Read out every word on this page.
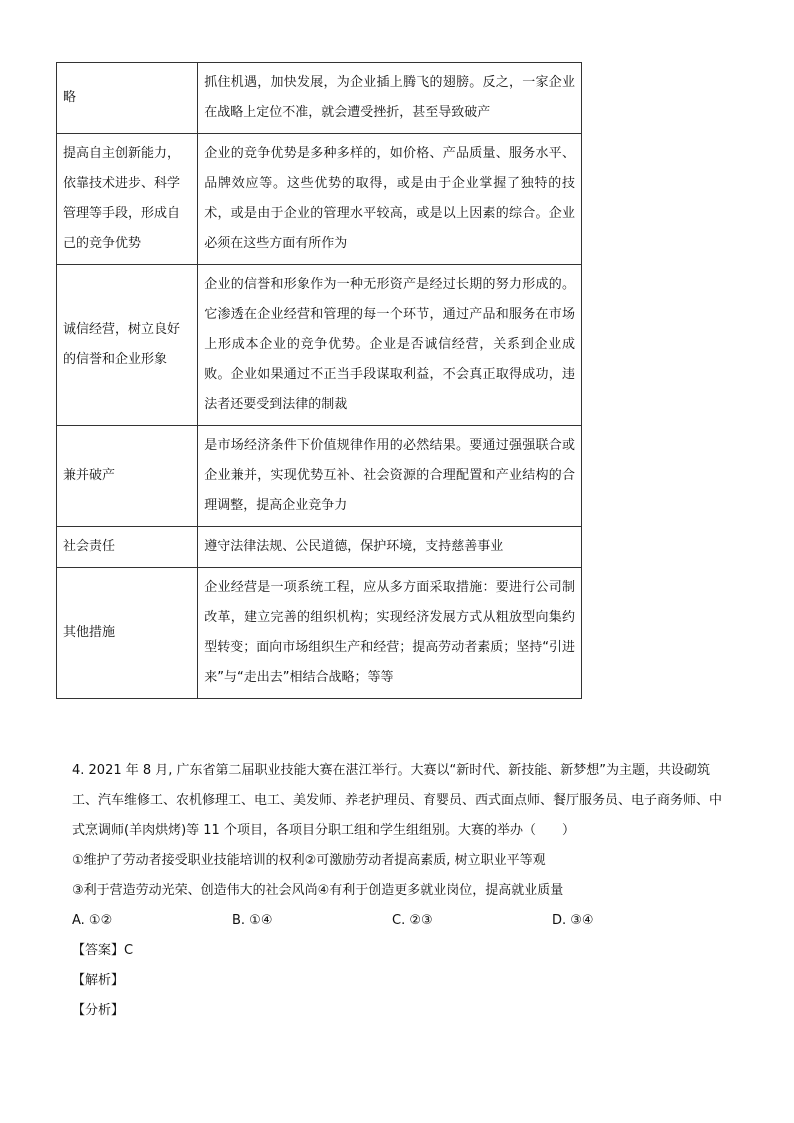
略	抓住机遇，加快发展，为企业插上腾飞的翅膀。反之，一家企业在战略上定位不准，就会遭受挫折，甚至导致破产
提高自主创新能力，依靠技术进步、科学管理等手段，形成自己的竞争优势	企业的竞争优势是多种多样的，如价格、产品质量、服务水平、品牌效应等。这些优势的取得，或是由于企业掌握了独特的技术，或是由于企业的管理水平较高，或是以上因素的综合。企业必须在这些方面有所作为
诚信经营，树立良好的信誉和企业形象	企业的信誉和形象作为一种无形资产是经过长期的努力形成的。它渗透在企业经营和管理的每一个环节，通过产品和服务在市场上形成本企业的竞争优势。企业是否诚信经营，关系到企业成败。企业如果通过不正当手段谋取利益，不会真正取得成功，违法者还要受到法律的制裁
兼并破产	是市场经济条件下价值规律作用的必然结果。要通过强强联合或企业兼并，实现优势互补、社会资源的合理配置和产业结构的合理调整，提高企业竞争力
社会责任	遵守法律法规、公民道德，保护环境，支持慈善事业
其他措施	企业经营是一项系统工程，应从多方面采取措施：要进行公司制改革，建立完善的组织机构；实现经济发展方式从粗放型向集约型转变；面向市场组织生产和经营；提高劳动者素质；坚持“引进来”与“走出去”相结合战略；等等

4. 2021 年 8 月, 广东省第二届职业技能大赛在湛江举行。大赛以“新时代、新技能、新梦想”为主题，共设砌筑工、汽车维修工、农机修理工、电工、美发师、养老护理员、育婴员、西式面点师、餐厅服务员、电子商务师、中式烹调师(羊肉烘烤)等 11 个项目，各项目分职工组和学生组组别。大赛的举办（　　）

①维护了劳动者接受职业技能培训的权利②可激励劳动者提高素质, 树立职业平等观

③利于营造劳动光荣、创造伟大的社会风尚④有利于创造更多就业岗位，提高就业质量

A. ①②	B. ①④	C. ②③	D. ③④

【答案】C

【解析】

【分析】
